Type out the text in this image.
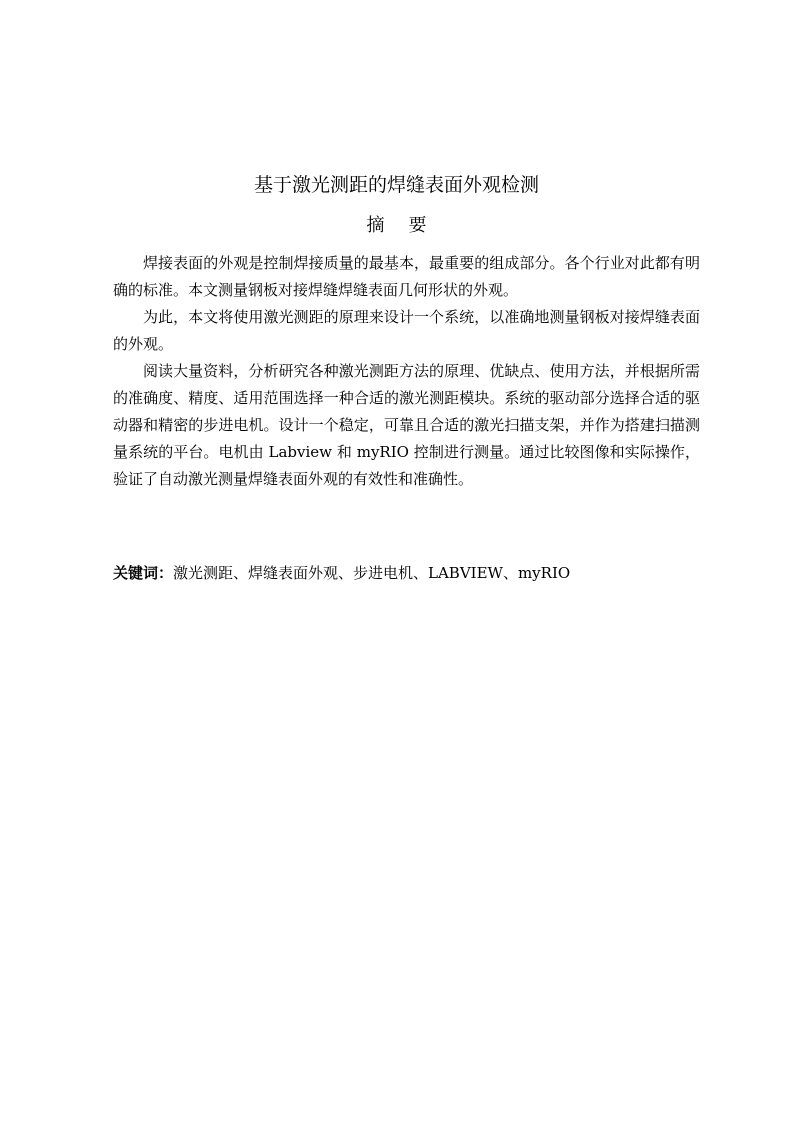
基于激光测距的焊缝表面外观检测
摘要

焊接表面的外观是控制焊接质量的最基本，最重要的组成部分。各个行业对此都有明确的标准。本文测量钢板对接焊缝焊缝表面几何形状的外观。

为此，本文将使用激光测距的原理来设计一个系统，以准确地测量钢板对接焊缝表面的外观。

阅读大量资料，分析研究各种激光测距方法的原理、优缺点、使用方法，并根据所需的准确度、精度、适用范围选择一种合适的激光测距模块。系统的驱动部分选择合适的驱动器和精密的步进电机。设计一个稳定，可靠且合适的激光扫描支架，并作为搭建扫描测量系统的平台。电机由 Labview 和 myRIO 控制进行测量。通过比较图像和实际操作，验证了自动激光测量焊缝表面外观的有效性和准确性。

关键词：激光测距、焊缝表面外观、步进电机、LABVIEW、myRIO
